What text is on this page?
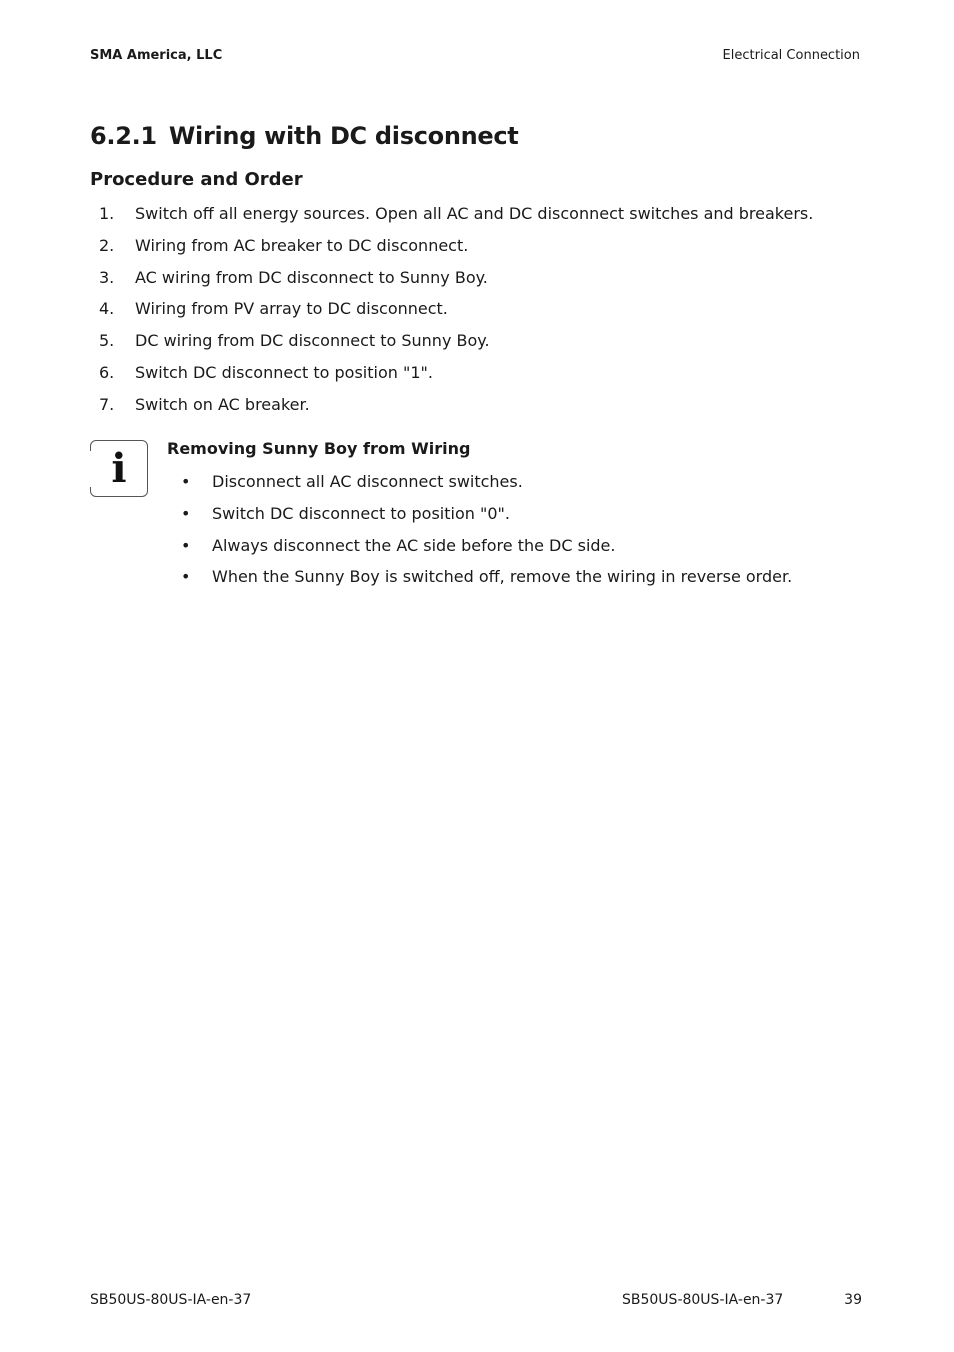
SMA America, LLC	Electrical Connection
6.2.1 Wiring with DC disconnect
Procedure and Order
1. Switch off all energy sources. Open all AC and DC disconnect switches and breakers.
2. Wiring from AC breaker to DC disconnect.
3. AC wiring from DC disconnect to Sunny Boy.
4. Wiring from PV array to DC disconnect.
5. DC wiring from DC disconnect to Sunny Boy.
6. Switch DC disconnect to position "1".
7. Switch on AC breaker.
i	Removing Sunny Boy from Wiring
• Disconnect all AC disconnect switches.
• Switch DC disconnect to position "0".
• Always disconnect the AC side before the DC side.
• When the Sunny Boy is switched off, remove the wiring in reverse order.
SB50US-80US-IA-en-37	SB50US-80US-IA-en-37	39
